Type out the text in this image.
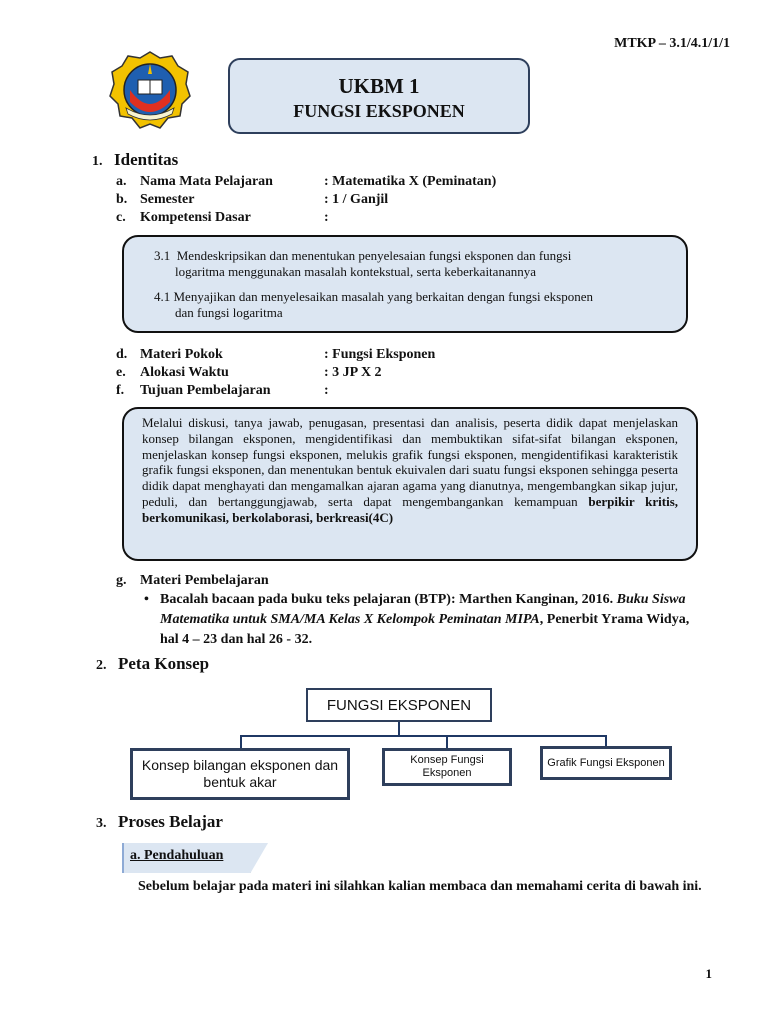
MTKP – 3.1/4.1/1/1
UKBM 1
FUNGSI EKSPONEN
1. Identitas
a. Nama Mata Pelajaran	: Matematika X (Peminatan)
b. Semester	: 1 / Ganjil
c. Kompetensi Dasar	:

3.1 Mendeskripsikan dan menentukan penyelesaian fungsi eksponen dan fungsi

logaritma menggunakan masalah kontekstual, serta keberkaitanannya

4.1 Menyajikan dan menyelesaikan masalah yang berkaitan dengan fungsi eksponen

dan fungsi logaritma

d. Materi Pokok	: Fungsi Eksponen
e. Alokasi Waktu	: 3 JP X 2
f. Tujuan Pembelajaran	:
Melalui diskusi, tanya jawab, penugasan, presentasi dan analisis, peserta didik dapat menjelaskan konsep bilangan eksponen, mengidentifikasi dan membuktikan sifat-sifat bilangan eksponen, menjelaskan konsep fungsi eksponen, melukis grafik fungsi eksponen, mengidentifikasi karakteristik grafik fungsi eksponen, dan menentukan bentuk ekuivalen dari suatu fungsi eksponen sehingga peserta didik dapat menghayati dan mengamalkan ajaran agama yang dianutnya, mengembangkan sikap jujur, peduli, dan bertanggungjawab, serta dapat mengembangankan kemampuan berpikir kritis, berkomunikasi, berkolaborasi, berkreasi(4C)
g. Materi Pembelajaran
• Bacalah bacaan pada buku teks pelajaran (BTP): Marthen Kanginan, 2016. Buku Siswa Matematika untuk SMA/MA Kelas X Kelompok Peminatan MIPA, Penerbit Yrama Widya, hal 4 – 23 dan hal 26 - 32.
2. Peta Konsep
FUNGSI EKSPONEN
Konsep bilangan eksponen dan bentuk akar
Konsep Fungsi Eksponen
Grafik Fungsi Eksponen
3. Proses Belajar
a. Pendahuluan
Sebelum belajar pada materi ini silahkan kalian membaca dan memahami cerita di bawah ini.
1
